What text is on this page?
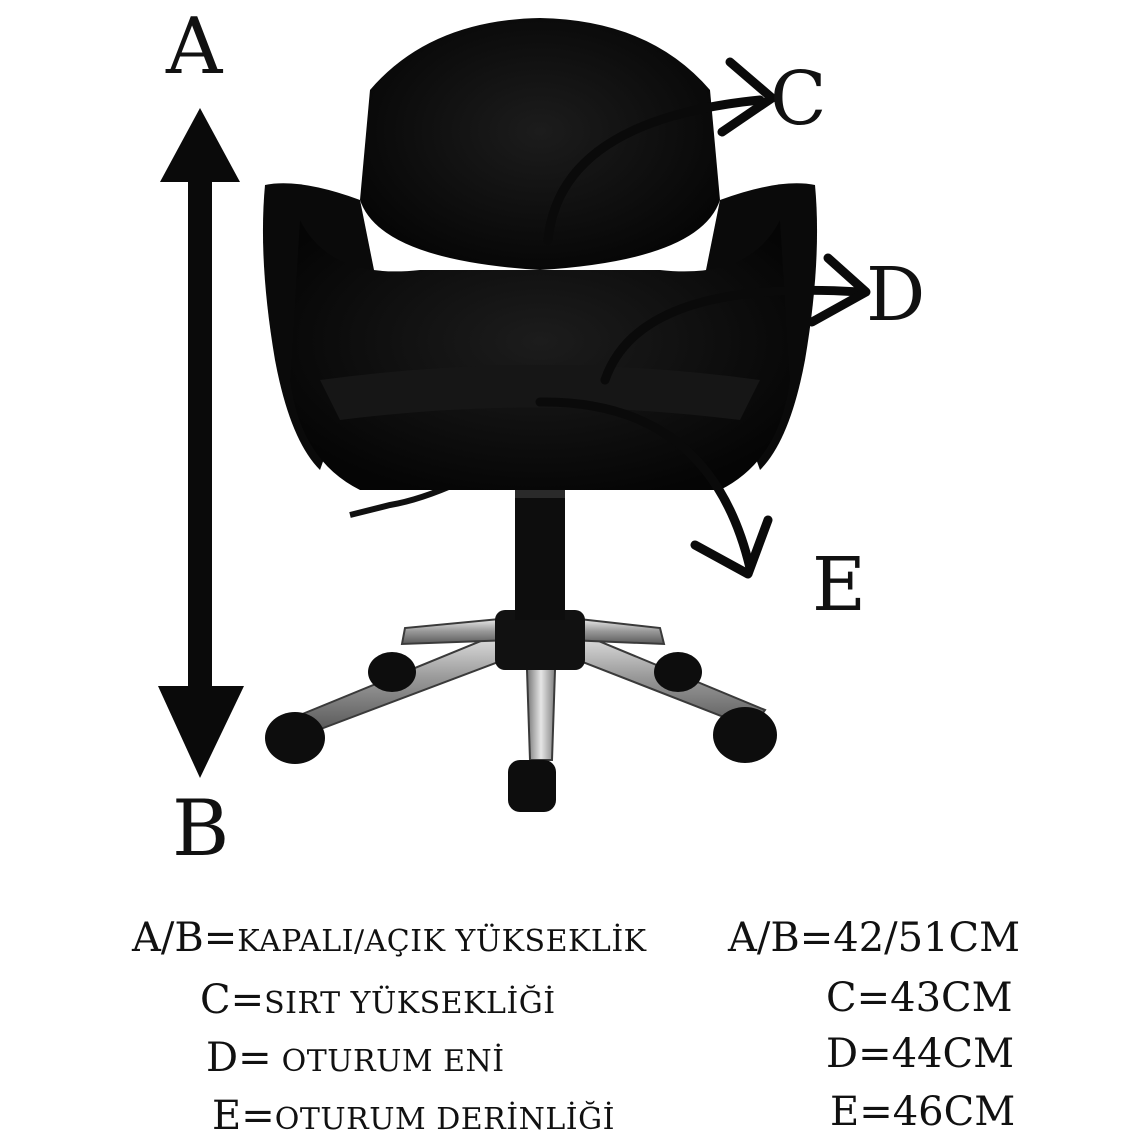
A
B
C
D
E
A/B=KAPALI/AÇIK YÜKSEKLİK A/B=42/51CM
C=SIRT YÜKSEKLİĞİ	C=43CM
D= OTURUM ENİ	D=44CM
E=OTURUM DERİNLİĞİ	E=46CM
